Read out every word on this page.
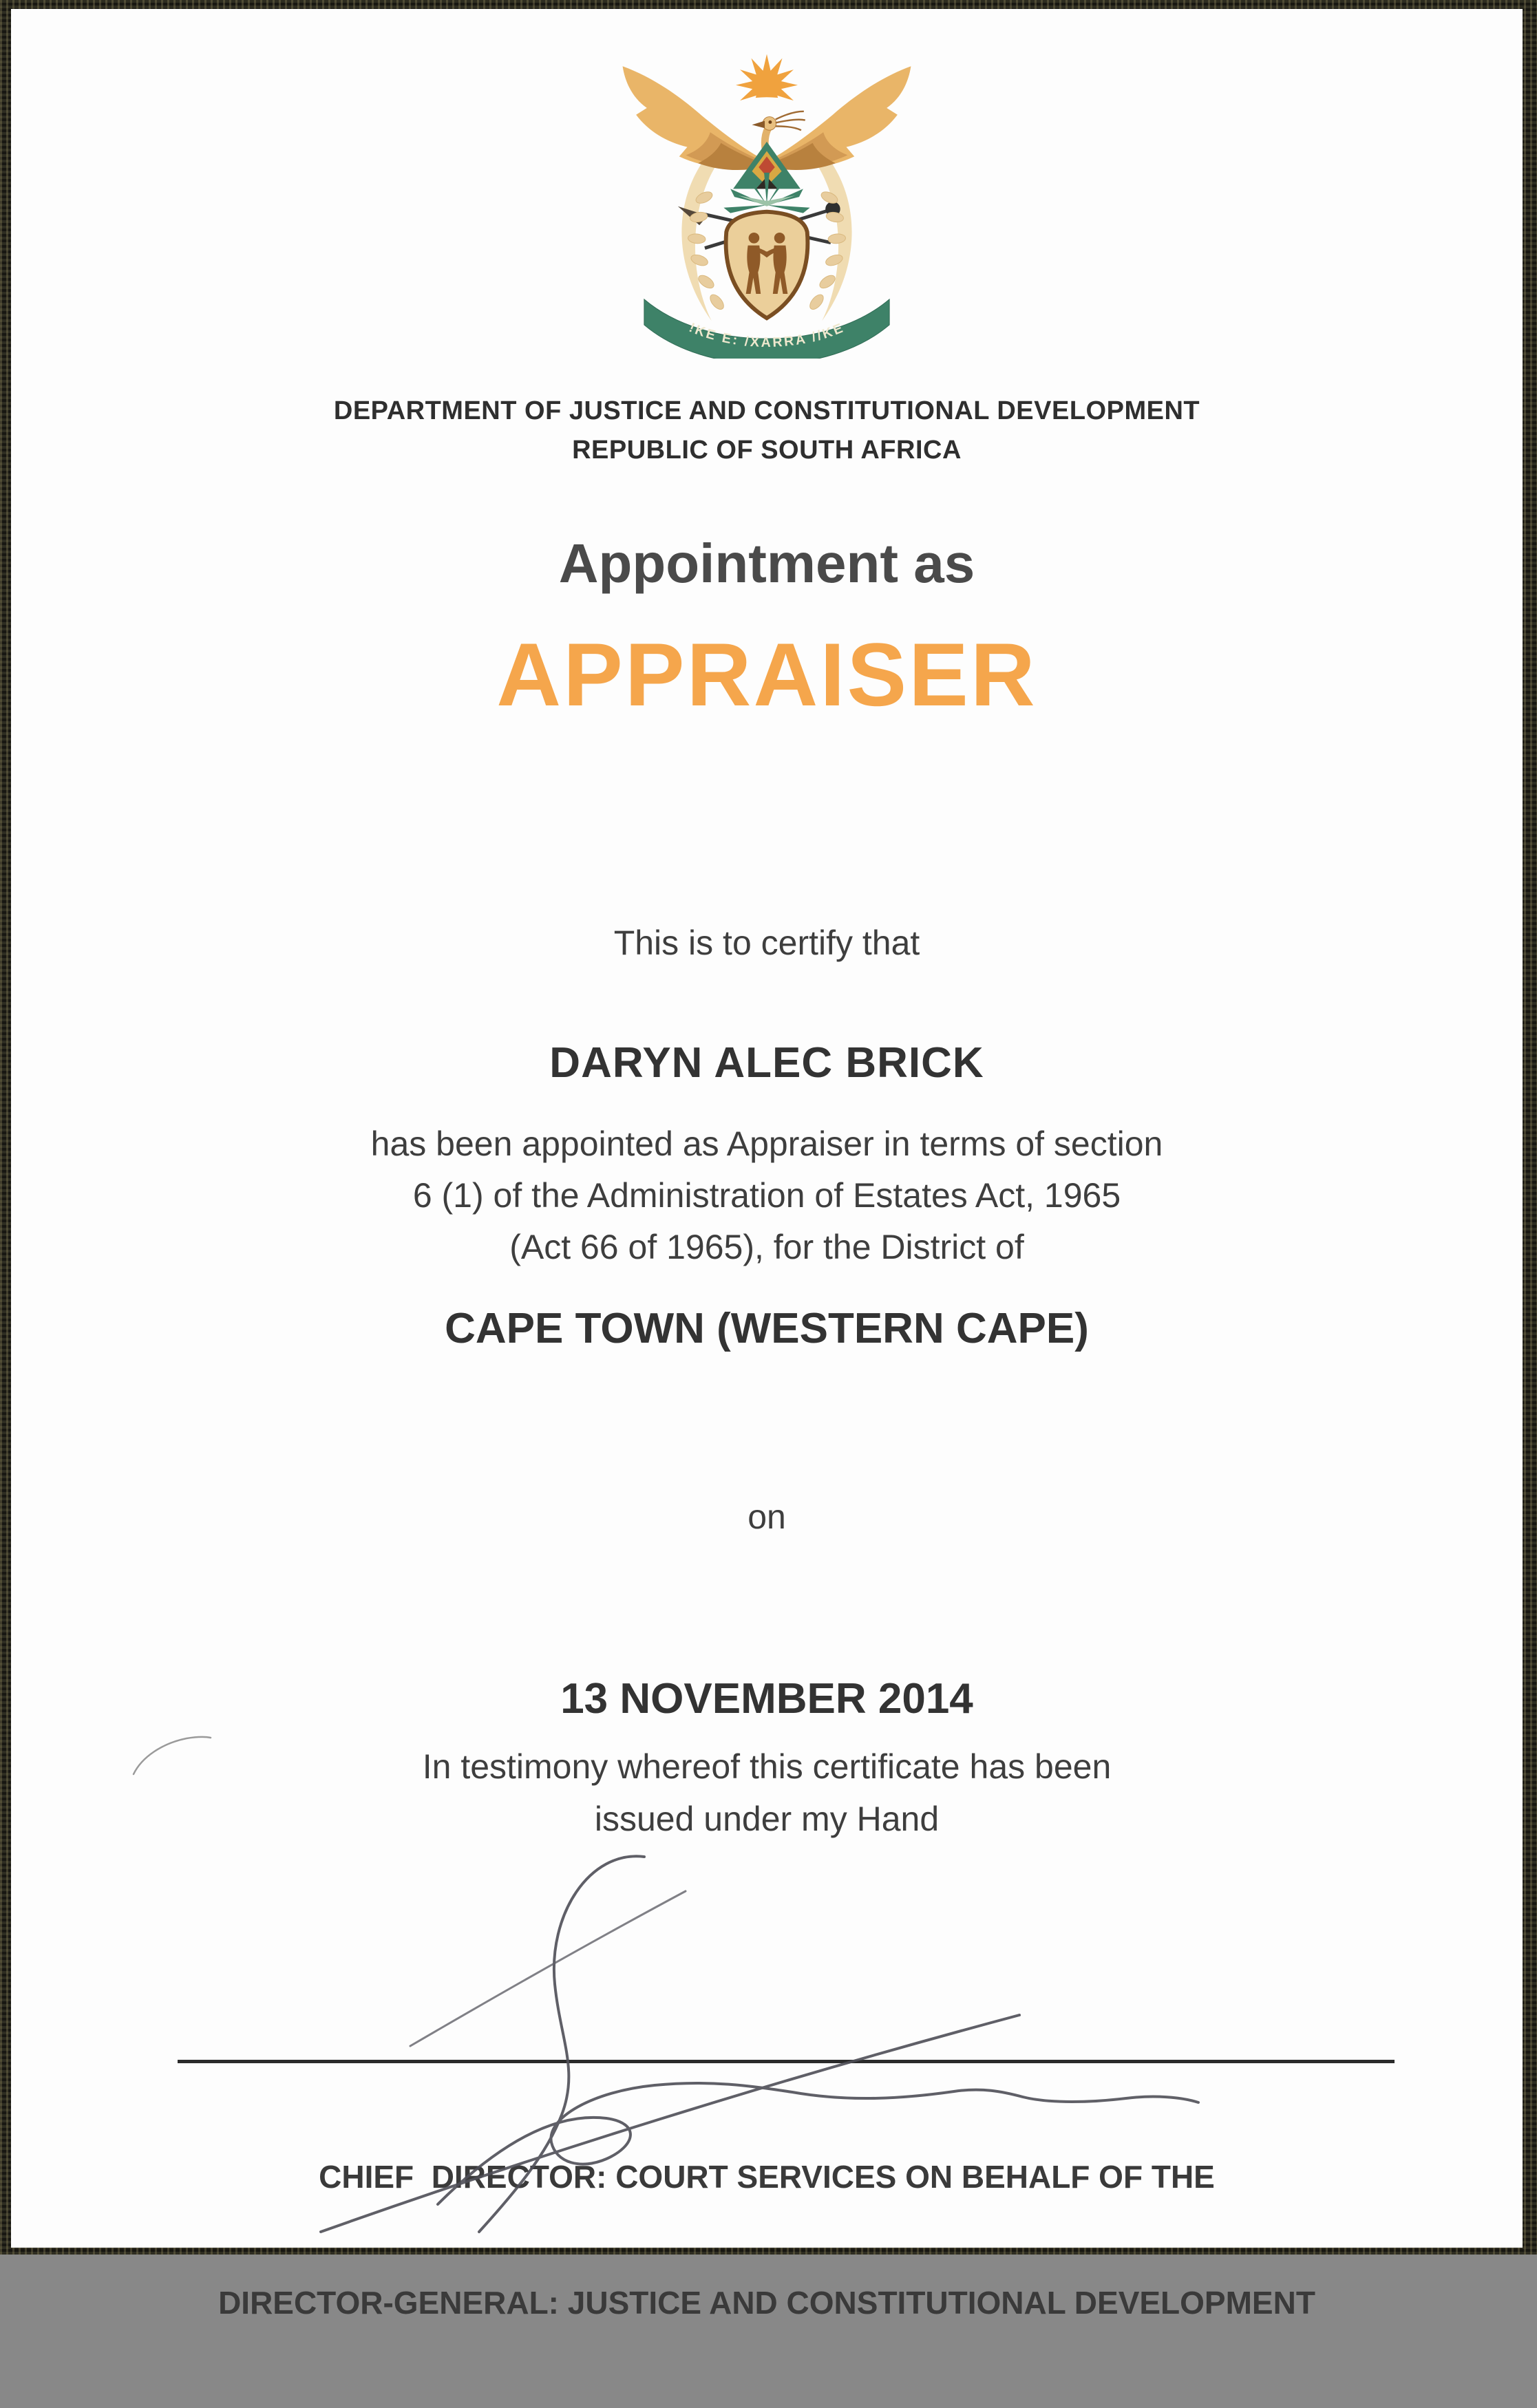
!KE E: /XARRA //KE
DEPARTMENT OF JUSTICE AND CONSTITUTIONAL DEVELOPMENT
REPUBLIC OF SOUTH AFRICA
Appointment as
APPRAISER
This is to certify that
DARYN ALEC BRICK
has been appointed as Appraiser in terms of section
6 (1) of the Administration of Estates Act, 1965
(Act 66 of 1965), for the District of
CAPE TOWN (WESTERN CAPE)
on
13 NOVEMBER 2014
In testimony whereof this certificate has been
issued under my Hand

CHIEF  DIRECTOR: COURT SERVICES ON BEHALF OF THE

DIRECTOR-GENERAL: JUSTICE AND CONSTITUTIONAL DEVELOPMENT
